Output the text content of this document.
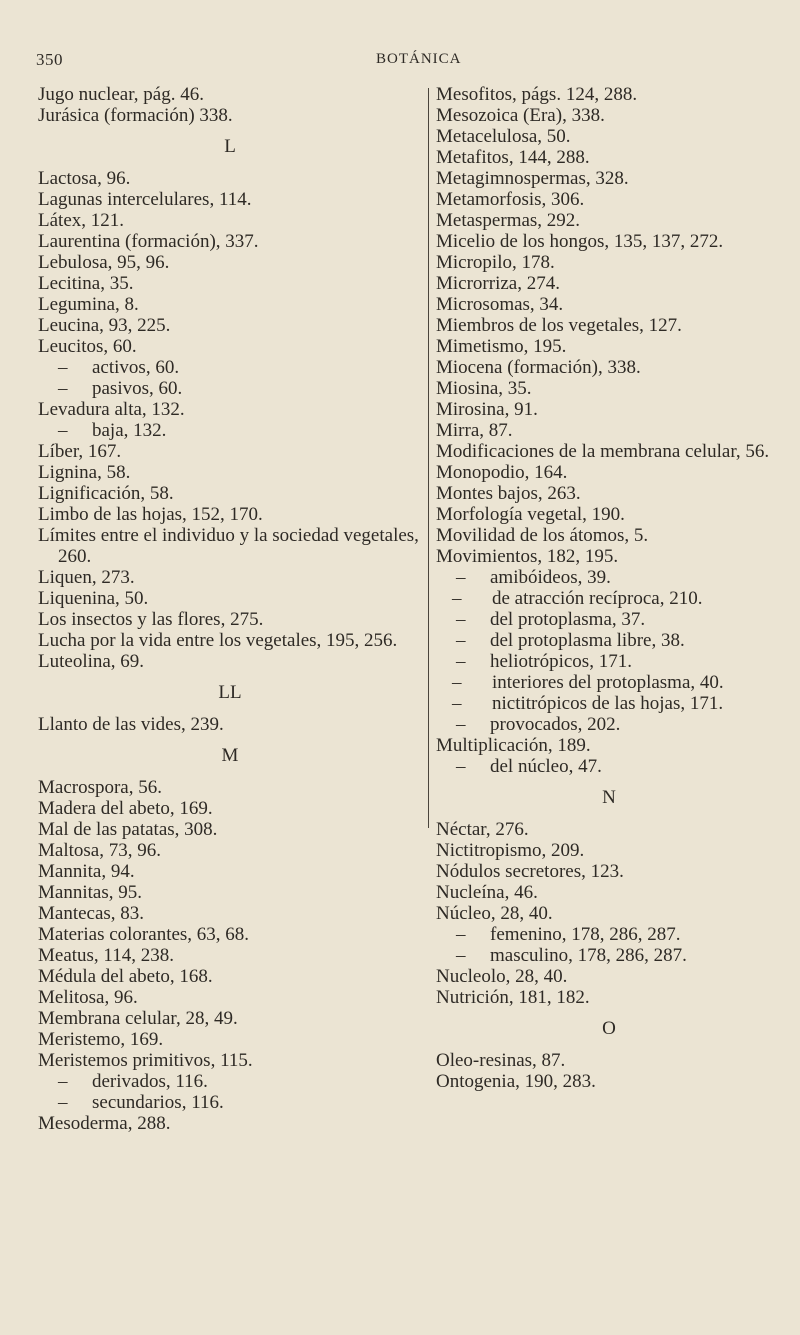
350	BOTÁNICA
Jugo nuclear, pág. 46.
Jurásica (formación) 338.
L
Lactosa, 96.
Lagunas intercelulares, 114.
Látex, 121.
Laurentina (formación), 337.
Lebulosa, 95, 96.
Lecitina, 35.
Legumina, 8.
Leucina, 93, 225.
Leucitos, 60.
– activos, 60.
– pasivos, 60.
Levadura alta, 132.
– baja, 132.
Líber, 167.
Lignina, 58.
Lignificación, 58.
Limbo de las hojas, 152, 170.
Límites entre el individuo y la sociedad vegetales, 260.
Liquen, 273.
Liquenina, 50.
Los insectos y las flores, 275.
Lucha por la vida entre los vegetales, 195, 256.
Luteolina, 69.
LL
Llanto de las vides, 239.
M
Macrospora, 56.
Madera del abeto, 169.
Mal de las patatas, 308.
Maltosa, 73, 96.
Mannita, 94.
Mannitas, 95.
Mantecas, 83.
Materias colorantes, 63, 68.
Meatus, 114, 238.
Médula del abeto, 168.
Melitosa, 96.
Membrana celular, 28, 49.
Meristemo, 169.
Meristemos primitivos, 115.
– derivados, 116.
– secundarios, 116.
Mesoderma, 288.
Mesofitos, págs. 124, 288.
Mesozoica (Era), 338.
Metacelulosa, 50.
Metafitos, 144, 288.
Metagimnospermas, 328.
Metamorfosis, 306.
Metaspermas, 292.
Micelio de los hongos, 135, 137, 272.
Micropilo, 178.
Microrriza, 274.
Microsomas, 34.
Miembros de los vegetales, 127.
Mimetismo, 195.
Miocena (formación), 338.
Miosina, 35.
Mirosina, 91.
Mirra, 87.
Modificaciones de la membrana celular, 56.
Monopodio, 164.
Montes bajos, 263.
Morfología vegetal, 190.
Movilidad de los átomos, 5.
Movimientos, 182, 195.
– amibóideos, 39.
– de atracción recíproca, 210.
– del protoplasma, 37.
– del protoplasma libre, 38.
– heliotrópicos, 171.
– interiores del protoplasma, 40.
– nictitrópicos de las hojas, 171.
– provocados, 202.
Multiplicación, 189.
– del núcleo, 47.
N
Néctar, 276.
Nictitropismo, 209.
Nódulos secretores, 123.
Nucleína, 46.
Núcleo, 28, 40.
– femenino, 178, 286, 287.
– masculino, 178, 286, 287.
Nucleolo, 28, 40.
Nutrición, 181, 182.
O
Oleo-resinas, 87.
Ontogenia, 190, 283.
